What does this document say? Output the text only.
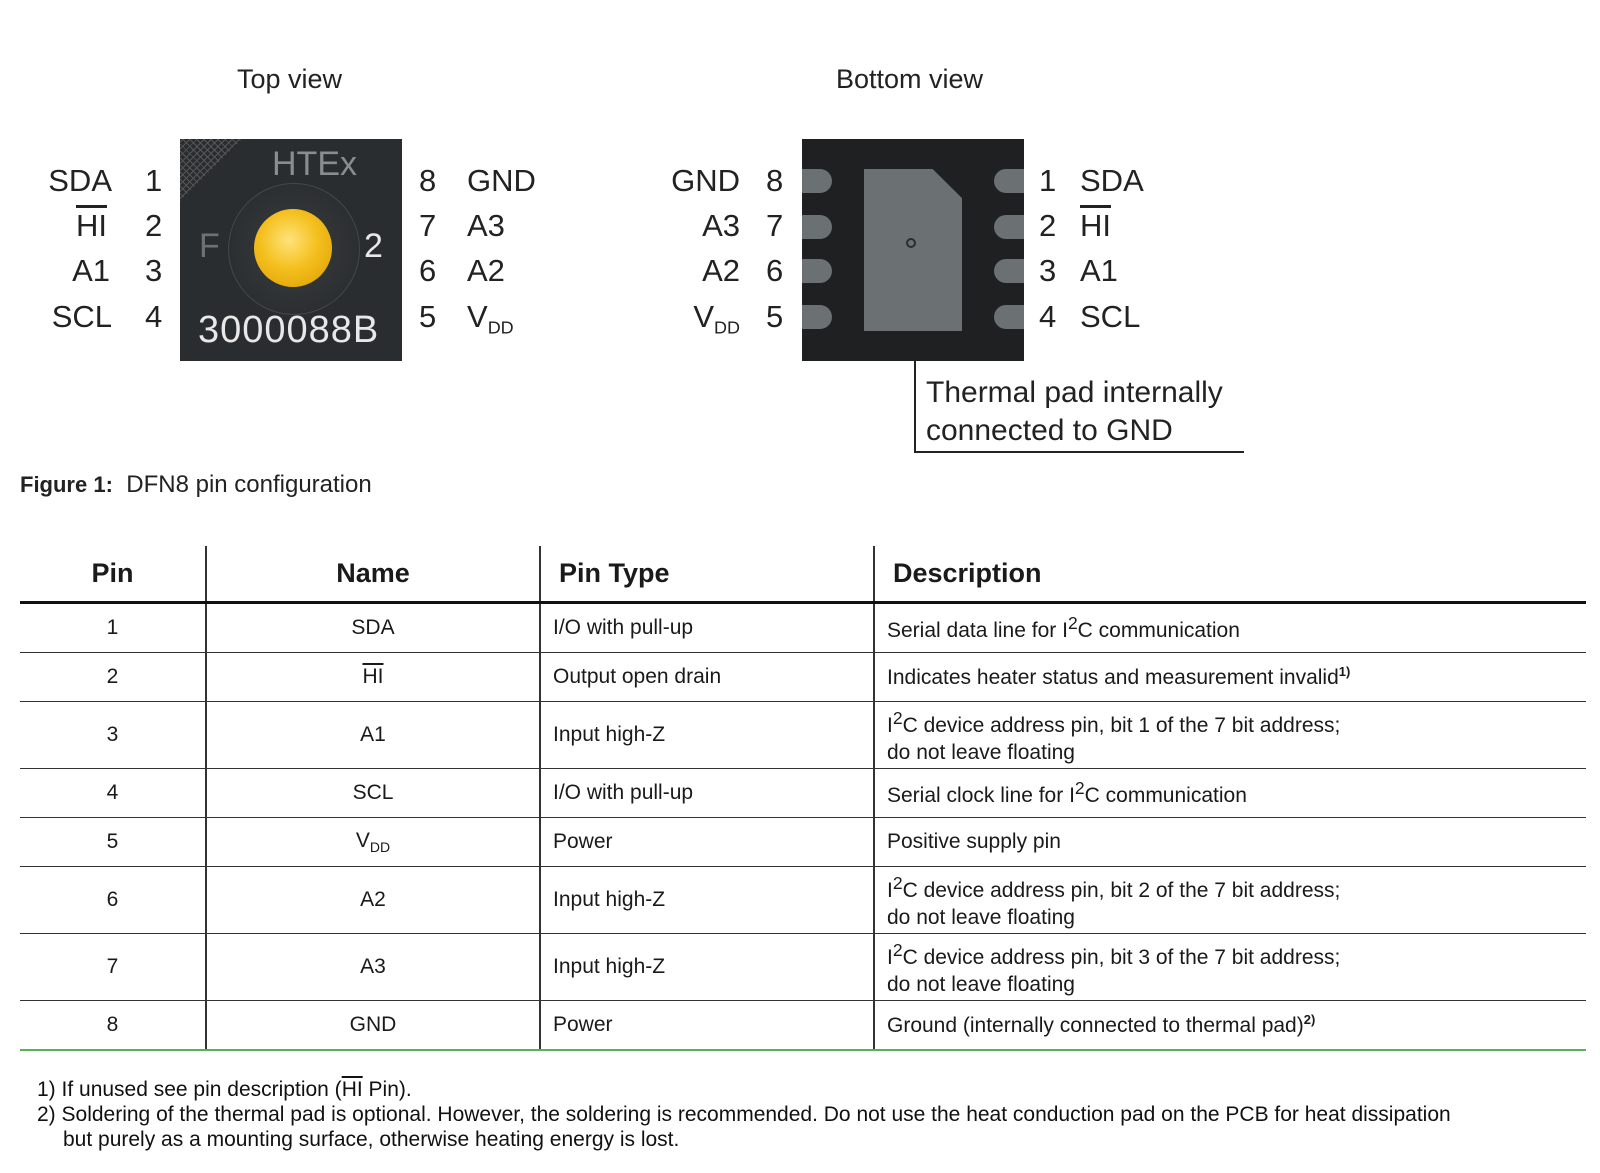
Top view	Bottom view
SDA
$\overline{HI}$
A1
SCL
1
2
3
4
HTEx
F	2
3000088B
8
7
6
5
GND
A3
A2
$V_{DD}$
GND
A3
A2
$V_{DD}$
8
7
6
5
1
2
3
4
SDA
$\overline{HI}$
A1
SCL
Thermal pad internally
connected to GND
Figure 1: DFN8 pin configuration
Pin	Name	Pin Type	Description
1	SDA	I/O with pull-up	Serial data line for $I^2C$ communication
2	$\overline{HI}$	Output open drain	Indicates heater status and measurement invalid$^{1)}$
3	A1	Input high-Z	$I^2C$ device address pin, bit 1 of the 7 bit address;
do not leave floating

4	SCL	I/O with pull-up	Serial clock line for $I^2C$ communication
5	$V_{DD}$	Power	Positive supply pin
6	A2	Input high-Z	$I^2C$ device address pin, bit 2 of the 7 bit address;
do not leave floating

7	A3	Input high-Z	$I^2C$ device address pin, bit 3 of the 7 bit address;
do not leave floating

8	GND	Power	Ground (internally connected to thermal pad)$^{2)}$
1) If unused see pin description ($\overline{HI}$ Pin).
2) Soldering of the thermal pad is optional. However, the soldering is recommended. Do not use the heat conduction pad on the PCB for heat dissipation
but purely as a mounting surface, otherwise heating energy is lost.
